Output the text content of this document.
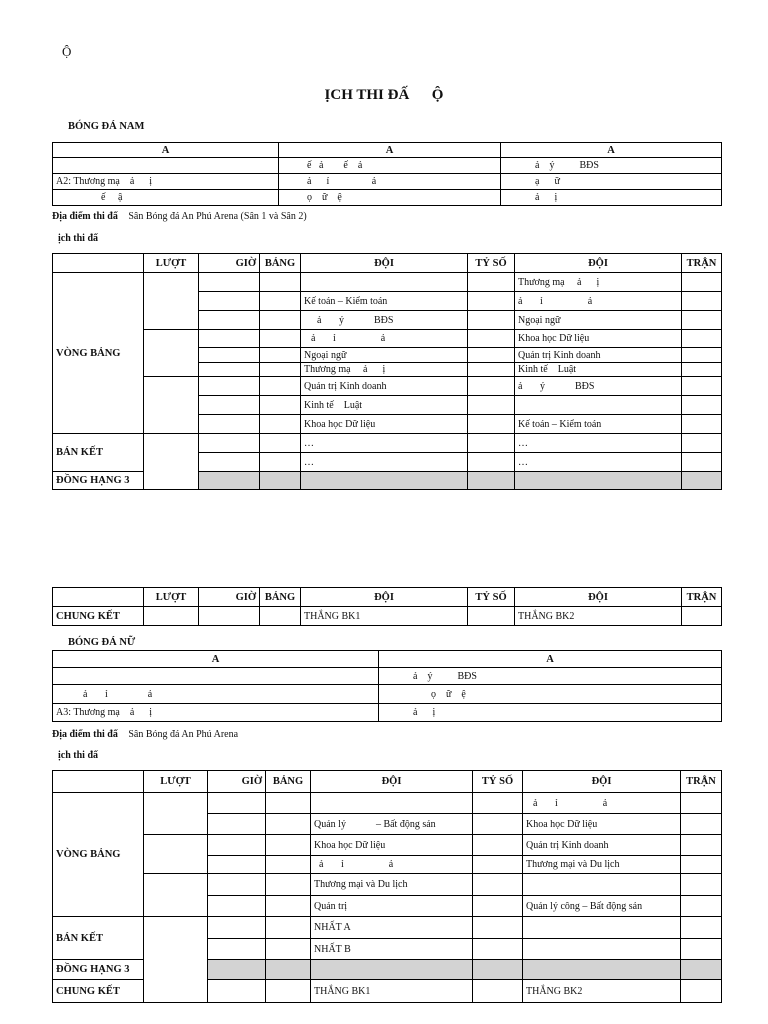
Ộ
ỊCH THI ĐẤ      Ộ
BÓNG ĐÁ NAM
A	A	A
	ế   ả        ế    ả	ả    ý          BĐS
A2: Thương mạ    ả      ị	ả      ỉ                 ả	ạ      ữ
ế     ậ	ọ    ữ    ệ	ả      ị
Địa điểm thi đấ Sân Bóng đá An Phú Arena (Sân 1 và Sân 2)
ịch thi đấ
	LƯỢT	GIỜ	BẢNG	ĐỘI	TỶ SỐ	ĐỘI	TRẬN
VÒNG BẢNG						Thương mạ     ả      ị	
				Kế toán – Kiểm toán		ả       ỉ                  ả	
				ả       ý            BĐS		Ngoại ngữ	
				ả       ỉ                  ả		Khoa học Dữ liệu	
				Ngoại ngữ		Quản trị Kinh doanh	
				Thương mạ     ả      ị		Kinh tế    Luật	
				Quản trị Kinh doanh		ả       ý            BĐS	
				Kinh tế    Luật			
				Khoa học Dữ liệu		Kế toán – Kiểm toán	
BÁN KẾT				…		…	
				…		…	
ĐỒNG HẠNG 3							
	LƯỢT	GIỜ	BẢNG	ĐỘI	TỶ SỐ	ĐỘI	TRẬN
CHUNG KẾT				THẮNG BK1		THẮNG BK2	
BÓNG ĐÁ NỮ
A	A
	ả    ý          BĐS
ả       ỉ                ả	ọ    ữ    ệ
A3: Thương mạ    ả      ị	ả      ị
Địa điểm thi đấ Sân Bóng đá An Phú Arena
ịch thi đấ
	LƯỢT	GIỜ	BẢNG	ĐỘI	TỶ SỐ	ĐỘI	TRẬN
VÒNG BẢNG						ả       ỉ                  ả	
				Quản lý            – Bất động sản		Khoa học Dữ liệu	
				Khoa học Dữ liệu		Quản trị Kinh doanh	
				ả       ỉ                  ả		Thương mại và Du lịch	
				Thương mại và Du lịch			
				Quản trị		Quản lý công – Bất động sản	
BÁN KẾT				NHẤT A			
				NHẤT B			
ĐỒNG HẠNG 3							
CHUNG KẾT				THẮNG BK1		THẮNG BK2	
